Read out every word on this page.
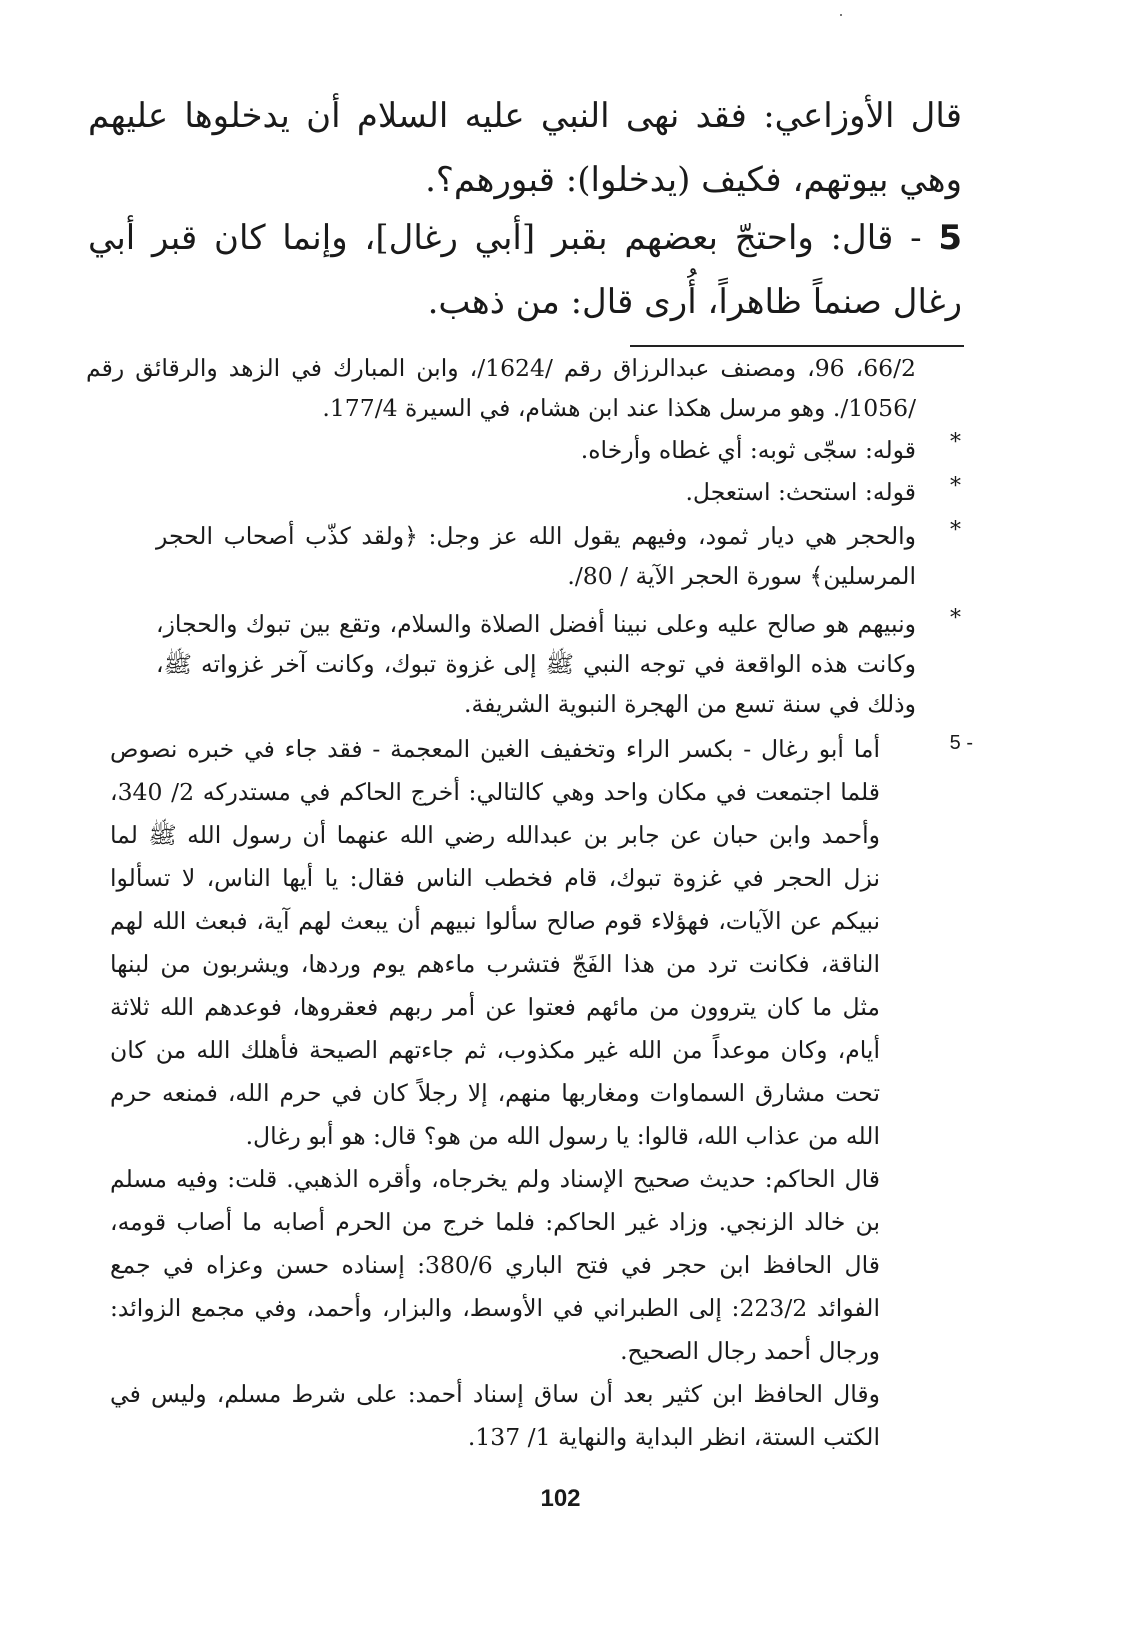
قال الأوزاعي: فقد نهى النبي عليه السلام أن يدخلوها عليهم وهي بيوتهم، فكيف (يدخلوا): قبورهم؟.

5 - قال: واحتجّ بعضهم بقبر [أبي رغال]، وإنما كان قبر أبي رغال صنماً ظاهراً، أُرى قال: من ذهب.

66/2، 96، ومصنف عبدالرزاق رقم /1624/، وابن المبارك في الزهد والرقائق رقم /1056/. وهو مرسل هكذا عند ابن هشام، في السيرة 177/4.

*

قوله: سجّى ثوبه: أي غطاه وأرخاه.

*

قوله: استحث: استعجل.

*

والحجر هي ديار ثمود، وفيهم يقول الله عز وجل: ﴿ولقد كذّب أصحاب الحجر المرسلين﴾ سورة الحجر الآية / 80/.

*

ونبيهم هو صالح عليه وعلى نبينا أفضل الصلاة والسلام، وتقع بين تبوك والحجاز، وكانت هذه الواقعة في توجه النبي ﷺ إلى غزوة تبوك، وكانت آخر غزواته ﷺ، وذلك في سنة تسع من الهجرة النبوية الشريفة.

5 -

أما أبو رغال - بكسر الراء وتخفيف الغين المعجمة - فقد جاء في خبره نصوص قلما اجتمعت في مكان واحد وهي كالتالي: أخرج الحاكم في مستدركه 2/ 340، وأحمد وابن حبان عن جابر بن عبدالله رضي الله عنهما أن رسول الله ﷺ لما نزل الحجر في غزوة تبوك، قام فخطب الناس فقال: يا أيها الناس، لا تسألوا نبيكم عن الآيات، فهؤلاء قوم صالح سألوا نبيهم أن يبعث لهم آية، فبعث الله لهم الناقة، فكانت ترد من هذا الفَجّ فتشرب ماءهم يوم وردها، ويشربون من لبنها مثل ما كان يتروون من مائهم فعتوا عن أمر ربهم فعقروها، فوعدهم الله ثلاثة أيام، وكان موعداً من الله غير مكذوب، ثم جاءتهم الصيحة فأهلك الله من كان تحت مشارق السماوات ومغاربها منهم، إلا رجلاً كان في حرم الله، فمنعه حرم الله من عذاب الله، قالوا: يا رسول الله من هو؟ قال: هو أبو رغال.

قال الحاكم: حديث صحيح الإسناد ولم يخرجاه، وأقره الذهبي. قلت: وفيه مسلم بن خالد الزنجي. وزاد غير الحاكم: فلما خرج من الحرم أصابه ما أصاب قومه، قال الحافظ ابن حجر في فتح الباري 380/6: إسناده حسن وعزاه في جمع الفوائد 223/2: إلى الطبراني في الأوسط، والبزار، وأحمد، وفي مجمع الزوائد: ورجال أحمد رجال الصحيح.

وقال الحافظ ابن كثير بعد أن ساق إسناد أحمد: على شرط مسلم، وليس في الكتب الستة، انظر البداية والنهاية 1/ 137.

102
